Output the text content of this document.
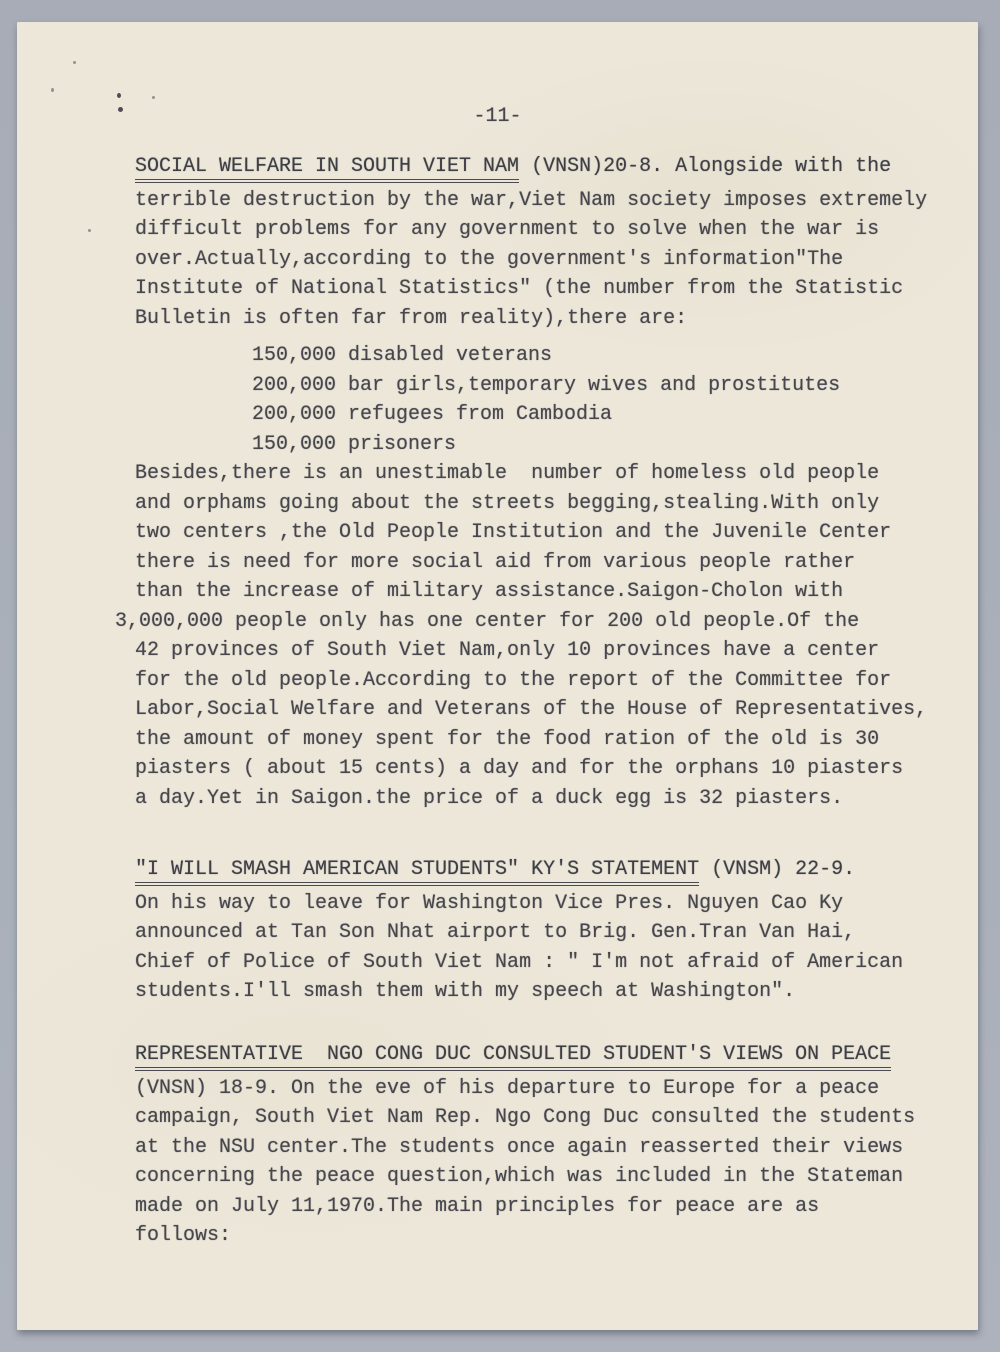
-11-
SOCIAL WELFARE IN SOUTH VIET NAM (VNSN)20-8. Alongside with the
terrible destruction by the war,Viet Nam society imposes extremely
difficult problems for any government to solve when the war is
over.Actually,according to the government's information"The
Institute of National Statistics" (the number from the Statistic
Bulletin is often far from reality),there are:
150,000 disabled veterans
200,000 bar girls,temporary wives and prostitutes
200,000 refugees from Cambodia
150,000 prisoners
Besides,there is an unestimable  number of homeless old people
and orphams going about the streets begging,stealing.With only
two centers ,the Old People Institution and the Juvenile Center
there is need for more social aid from various people rather
than the increase of military assistance.Saigon-Cholon with
3,000,000 people only has one center for 200 old people.Of the
42 provinces of South Viet Nam,only 10 provinces have a center
for the old people.According to the report of the Committee for
Labor,Social Welfare and Veterans of the House of Representatives,
the amount of money spent for the food ration of the old is 30
piasters ( about 15 cents) a day and for the orphans 10 piasters
a day.Yet in Saigon.the price of a duck egg is 32 piasters.
"I WILL SMASH AMERICAN STUDENTS" KY'S STATEMENT (VNSM) 22-9.
On his way to leave for Washington Vice Pres. Nguyen Cao Ky
announced at Tan Son Nhat airport to Brig. Gen.Tran Van Hai,
Chief of Police of South Viet Nam : " I'm not afraid of American
students.I'll smash them with my speech at Washington".
REPRESENTATIVE  NGO CONG DUC CONSULTED STUDENT'S VIEWS ON PEACE
(VNSN) 18-9. On the eve of his departure to Europe for a peace
campaign, South Viet Nam Rep. Ngo Cong Duc consulted the students
at the NSU center.The students once again reasserted their views
concerning the peace question,which was included in the Stateman
made on July 11,1970.The main principles for peace are as
follows:
